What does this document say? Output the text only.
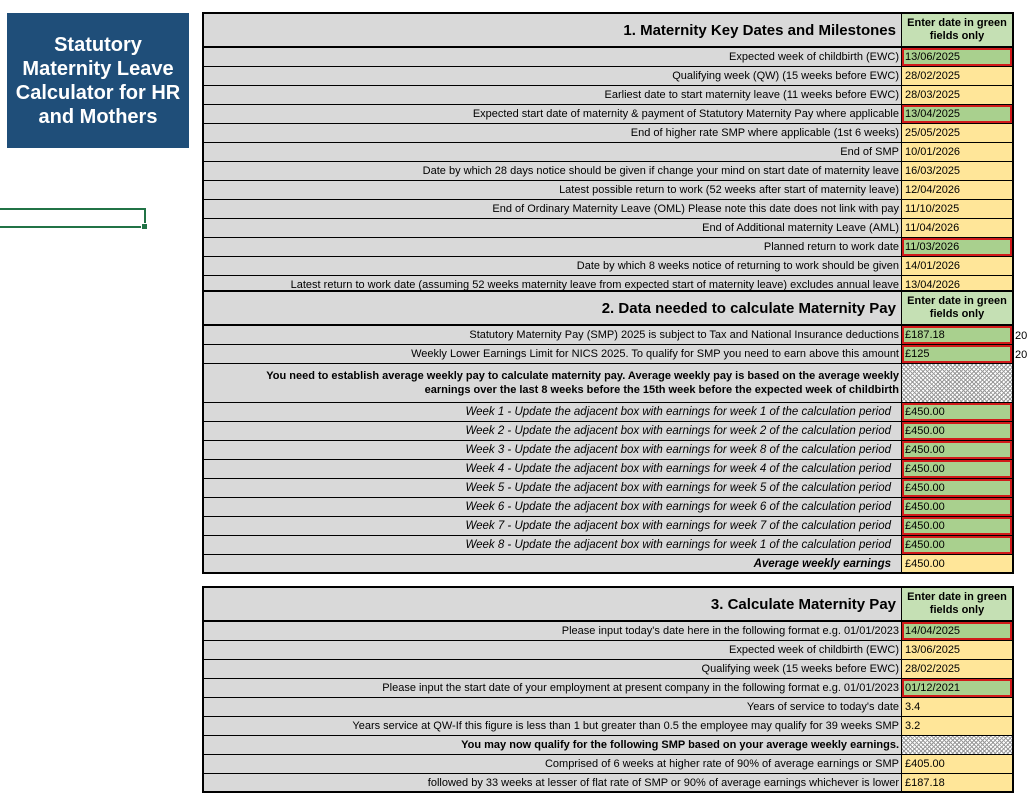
Statutory
Maternity Leave
Calculator for HR
and Mothers
1. Maternity Key Dates and Milestones	Enter date in green fields only
Expected week of childbirth (EWC) 13/06/2025
Qualifying week (QW) (15 weeks before EWC) 28/02/2025
Earliest date to start maternity leave (11 weeks before EWC) 28/03/2025
Expected start date of maternity & payment of Statutory Maternity Pay where applicable 13/04/2025
End of higher rate SMP where applicable (1st 6 weeks) 25/05/2025
End of SMP 10/01/2026
Date by which 28 days notice should be given if change your mind on start date of maternity leave 16/03/2025
Latest possible return to work (52 weeks after start of maternity leave) 12/04/2026
End of Ordinary Maternity Leave (OML) Please note this date does not link with pay 11/10/2025
End of Additional maternity Leave (AML) 11/04/2026
Planned return to work date 11/03/2026
Date by which 8 weeks notice of returning to work should be given 14/01/2026
Latest return to work date (assuming 52 weeks maternity leave from expected start of maternity leave) excludes annual leave 13/04/2026
2. Data needed to calculate Maternity Pay	Enter date in green fields only
Statutory Maternity Pay (SMP) 2025 is subject to Tax and National Insurance deductions £187.18
Weekly Lower Earnings Limit for NICS 2025. To qualify for SMP you need to earn above this amount £125
You need to establish average weekly pay to calculate maternity pay. Average weekly pay is based on the average weekly earnings over the last 8 weeks before the 15th week before the expected week of childbirth
Week 1 - Update the adjacent box with earnings for week 1 of the calculation period	£450.00
Week 2 - Update the adjacent box with earnings for week 2 of the calculation period	£450.00
Week 3 - Update the adjacent box with earnings for week 8 of the calculation period	£450.00
Week 4 - Update the adjacent box with earnings for week 4 of the calculation period	£450.00
Week 5 - Update the adjacent box with earnings for week 5 of the calculation period	£450.00
Week 6 - Update the adjacent box with earnings for week 6 of the calculation period	£450.00
Week 7 - Update the adjacent box with earnings for week 7 of the calculation period	£450.00
Week 8 - Update the adjacent box with earnings for week 1 of the calculation period	£450.00
Average weekly earnings	£450.00
20
20
3. Calculate Maternity Pay	Enter date in green fields only
Please input today's date here in the following format e.g. 01/01/2023 14/04/2025
Expected week of childbirth (EWC) 13/06/2025
Qualifying week (15 weeks before EWC) 28/02/2025
Please input the start date of your employment at present company in the following format e.g. 01/01/2023 01/12/2021
Years of service to today's date 3.4
Years service at QW-If this figure is less than 1 but greater than 0.5 the employee may qualify for 39 weeks SMP 3.2
You may now qualify for the following SMP based on your average weekly earnings.
Comprised of 6 weeks at higher rate of 90% of average earnings or SMP £405.00
followed by 33 weeks at lesser of flat rate of SMP or 90% of average earnings whichever is lower £187.18
